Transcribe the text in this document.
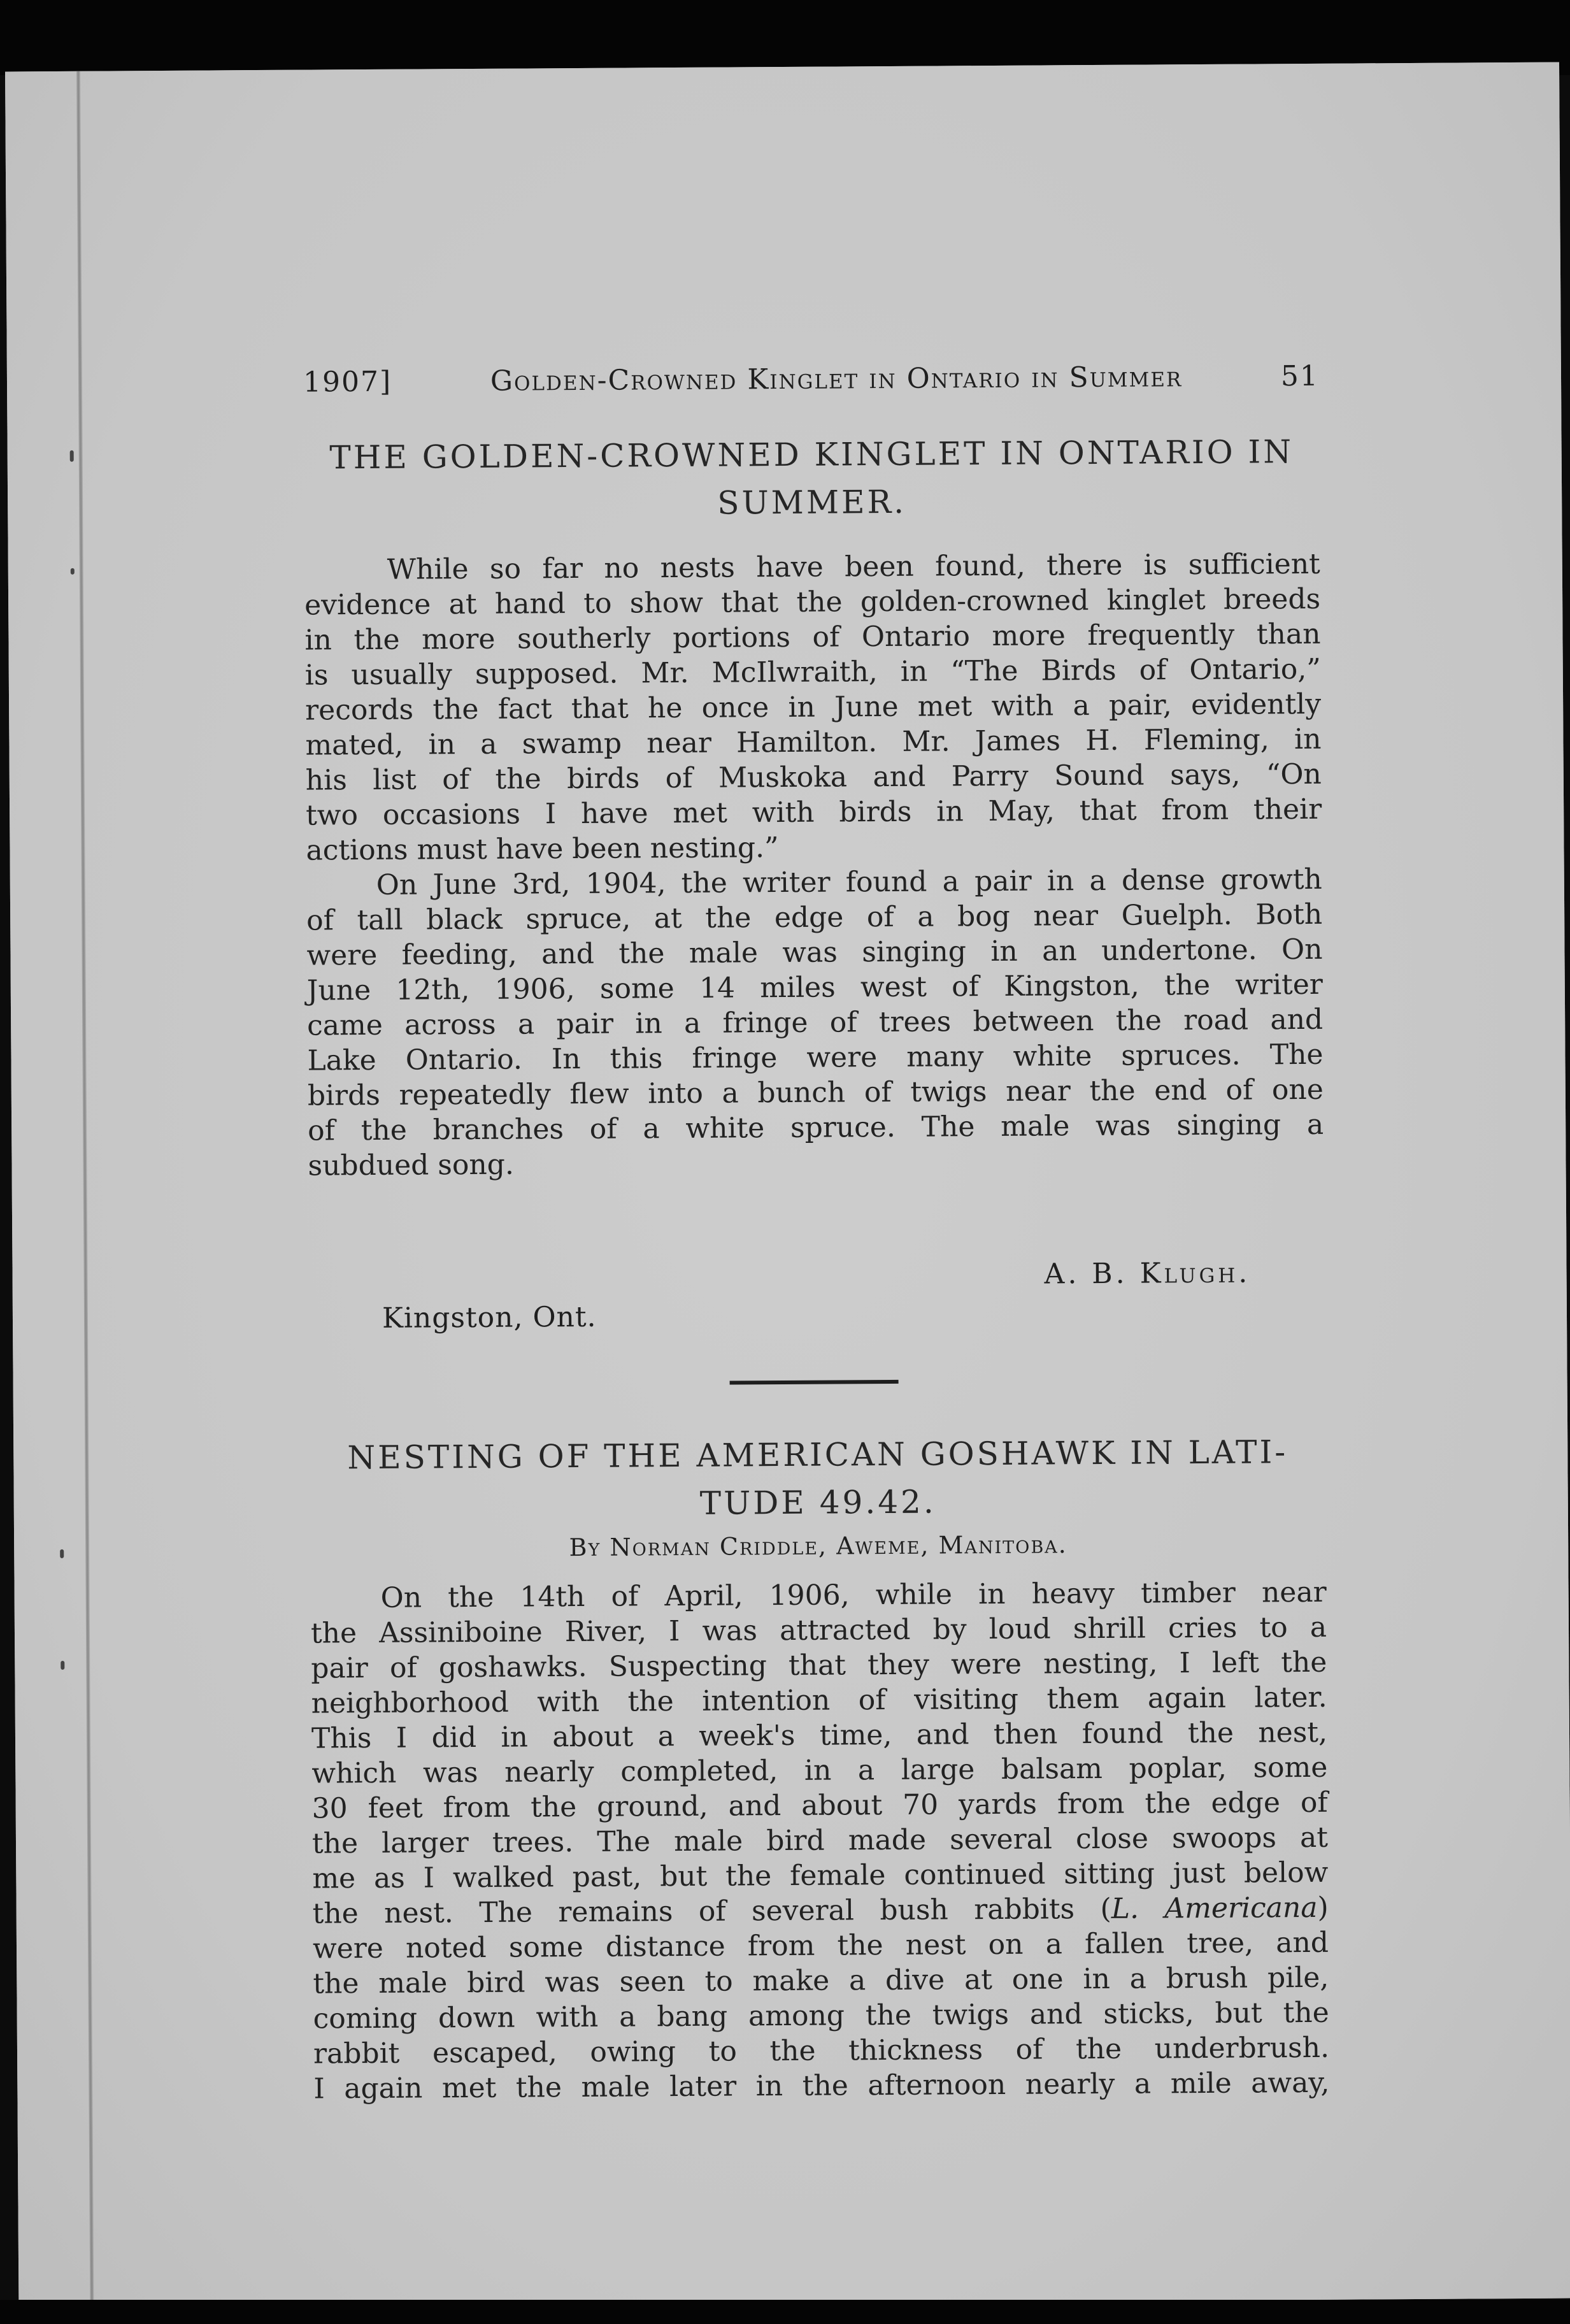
1907]	Golden-Crowned Kinglet in Ontario in Summer	51
THE GOLDEN-CROWNED KINGLET IN ONTARIO IN
SUMMER.
While so far no nests have been found, there is sufficient
evidence at hand to show that the golden-crowned kinglet breeds
in the more southerly portions of Ontario more frequently than
is usually supposed. Mr. McIlwraith, in “The Birds of Ontario,”
records the fact that he once in June met with a pair, evidently
mated, in a swamp near Hamilton. Mr. James H. Fleming, in
his list of the birds of Muskoka and Parry Sound says, “On
two occasions I have met with birds in May, that from their
actions must have been nesting.”
On June 3rd, 1904, the writer found a pair in a dense growth
of tall black spruce, at the edge of a bog near Guelph. Both
were feeding, and the male was singing in an undertone. On
June 12th, 1906, some 14 miles west of Kingston, the writer
came across a pair in a fringe of trees between the road and
Lake Ontario. In this fringe were many white spruces. The
birds repeatedly flew into a bunch of twigs near the end of one
of the branches of a white spruce. The male was singing a
subdued song.
A. B. Klugh.
Kingston, Ont.
NESTING OF THE AMERICAN GOSHAWK IN LATI-
TUDE 49.42.
By Norman Criddle, Aweme, Manitoba.
On the 14th of April, 1906, while in heavy timber near
the Assiniboine River, I was attracted by loud shrill cries to a
pair of goshawks. Suspecting that they were nesting, I left the
neighborhood with the intention of visiting them again later.
This I did in about a week's time, and then found the nest,
which was nearly completed, in a large balsam poplar, some
30 feet from the ground, and about 70 yards from the edge of
the larger trees. The male bird made several close swoops at
me as I walked past, but the female continued sitting just below
the nest. The remains of several bush rabbits (L. Americana)
were noted some distance from the nest on a fallen tree, and
the male bird was seen to make a dive at one in a brush pile,
coming down with a bang among the twigs and sticks, but the
rabbit escaped, owing to the thickness of the underbrush.
I again met the male later in the afternoon nearly a mile away,
